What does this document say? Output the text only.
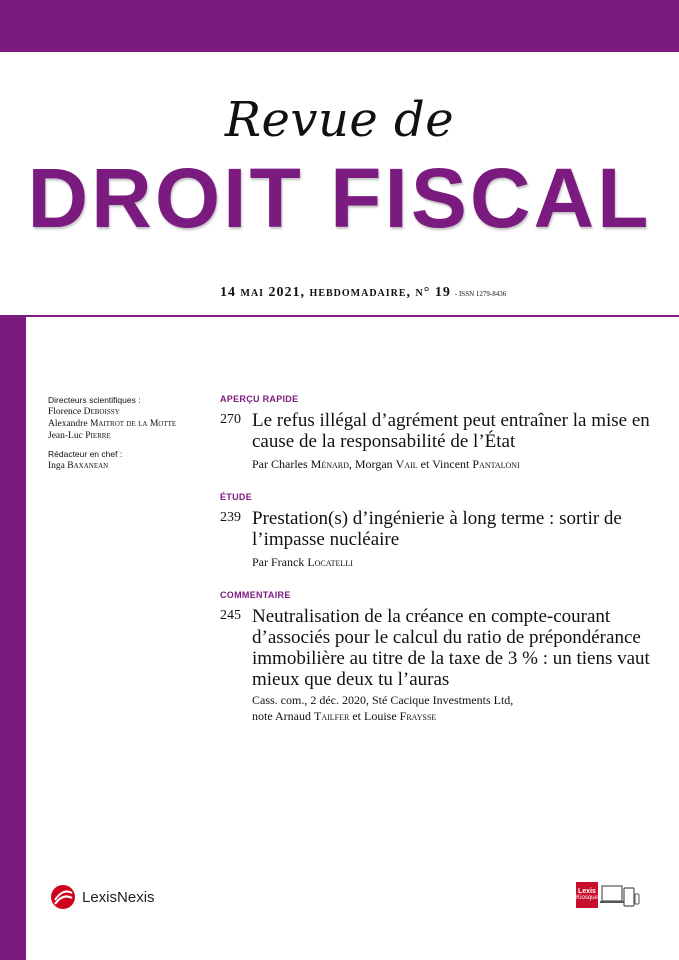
Revue de
DROIT FISCAL
14 mai 2021, hebdomadaire, n° 19 - ISSN 1279-8436
Directeurs scientifiques :
Florence Deboissy
Alexandre Maitrot de la Motte
Jean-Luc Pierre
Rédacteur en chef :
Inga Baxanean
APERÇU RAPIDE
270 Le refus illégal d’agrément peut entraîner la mise en cause de la responsabilité de l’État
Par Charles Ménard, Morgan Vail et Vincent Pantaloni
ÉTUDE
239 Prestation(s) d’ingénierie à long terme : sortir de l’impasse nucléaire
Par Franck Locatelli
COMMENTAIRE
245 Neutralisation de la créance en compte-courant d’associés pour le calcul du ratio de prépondérance immobilière au titre de la taxe de 3 % : un tiens vaut mieux que deux tu l’auras
Cass. com., 2 déc. 2020, Sté Cacique Investments Ltd,
note Arnaud Tailfer et Louise Fraysse
LexisNexis	Lexis
Kiosque
